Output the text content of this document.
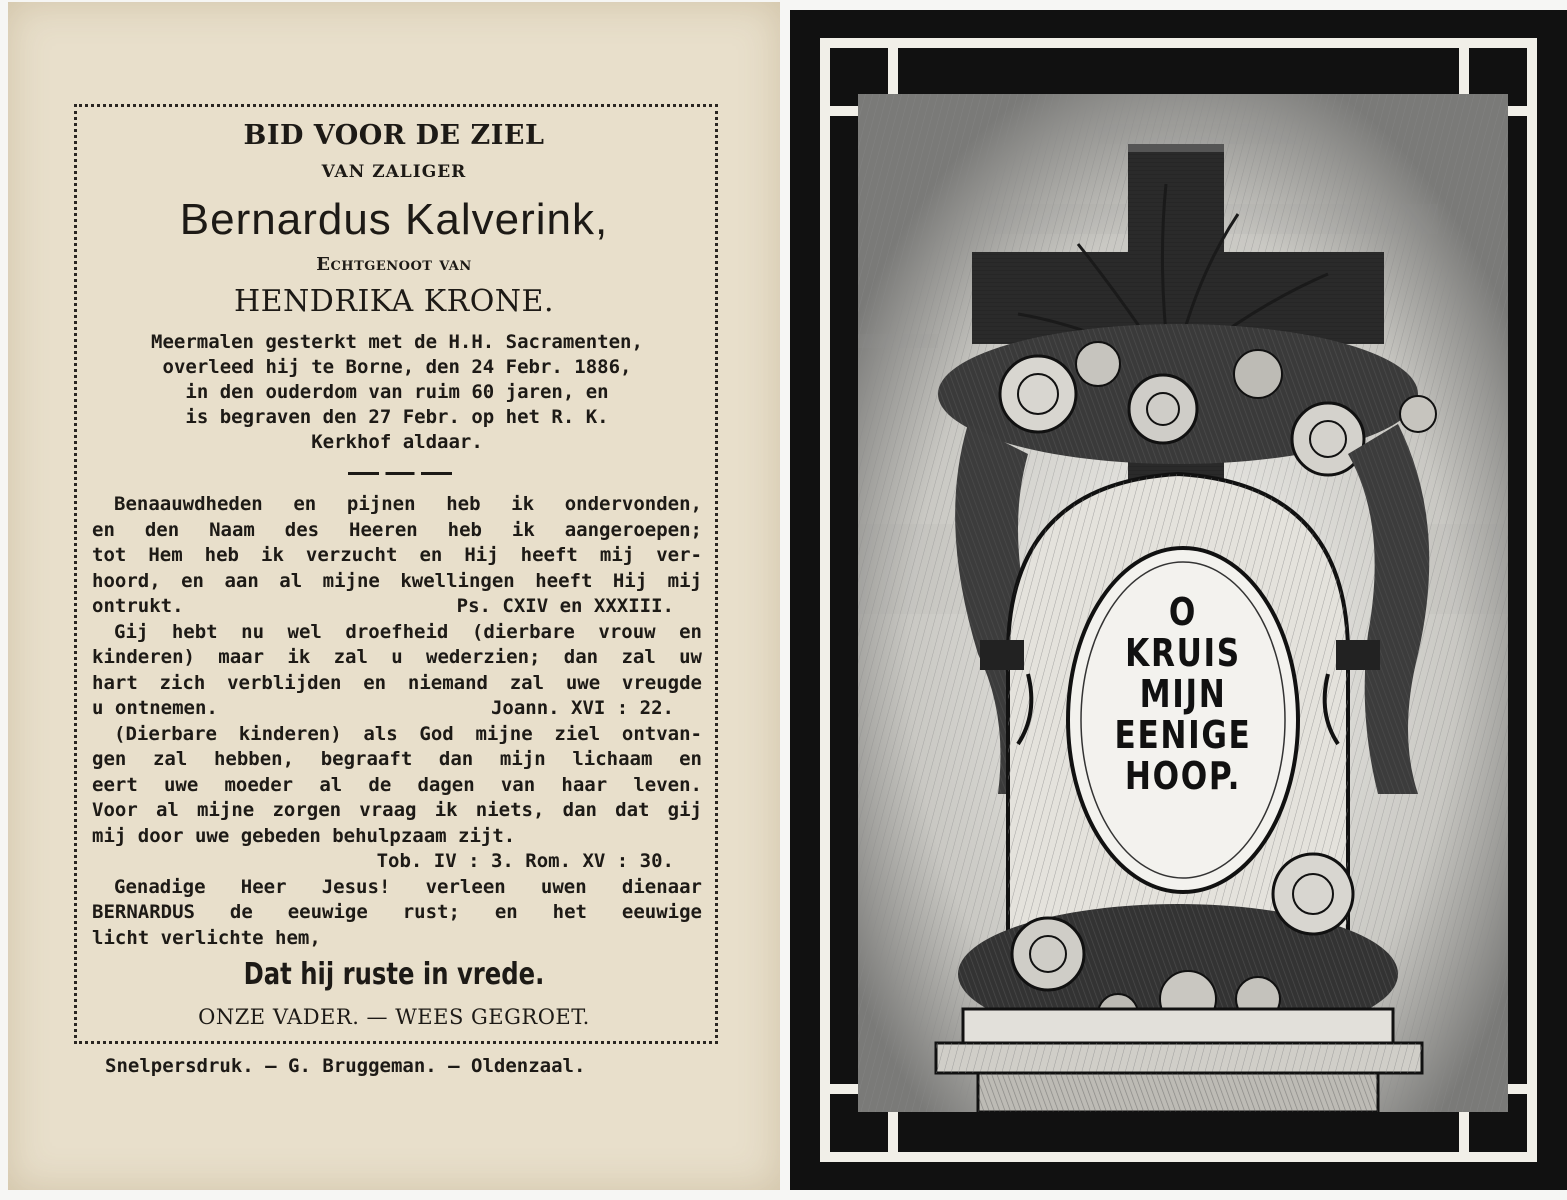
BID VOOR DE ZIEL
VAN ZALIGER
Bernardus Kalverink,
Echtgenoot van
HENDRIKA KRONE.
Meermalen gesterkt met de H.H. Sacramenten,
overleed hij te Borne, den 24 Febr. 1886,
in den ouderdom van ruim 60 jaren, en
is begraven den 27 Febr. op het R. K.
Kerkhof aldaar.
Benaauwdheden en pijnen heb ik ondervonden,
en den Naam des Heeren heb ik aangeroepen;
tot Hem heb ik verzucht en Hij heeft mij ver-
hoord, en aan al mijne kwellingen heeft Hij mij
ontrukt.	Ps. CXIV en XXXIII.
Gij hebt nu wel droefheid (dierbare vrouw en
kinderen) maar ik zal u wederzien; dan zal uw
hart zich verblijden en niemand zal uwe vreugde
u ontnemen.	Joann. XVI : 22.
(Dierbare kinderen) als God mijne ziel ontvan-
gen zal hebben, begraaft dan mijn lichaam en
eert uwe moeder al de dagen van haar leven.
Voor al mijne zorgen vraag ik niets, dan dat gij
mij door uwe gebeden behulpzaam zijt.
Tob. IV : 3. Rom. XV : 30.
Genadige Heer Jesus! verleen uwen dienaar
BERNARDUS de eeuwige rust; en het eeuwige
licht verlichte hem,
Dat hij ruste in vrede.
ONZE VADER. — WEES GEGROET.
Snelpersdruk. — G. Bruggeman. — Oldenzaal.
O
KRUIS
MIJN
EENIGE
HOOP.
